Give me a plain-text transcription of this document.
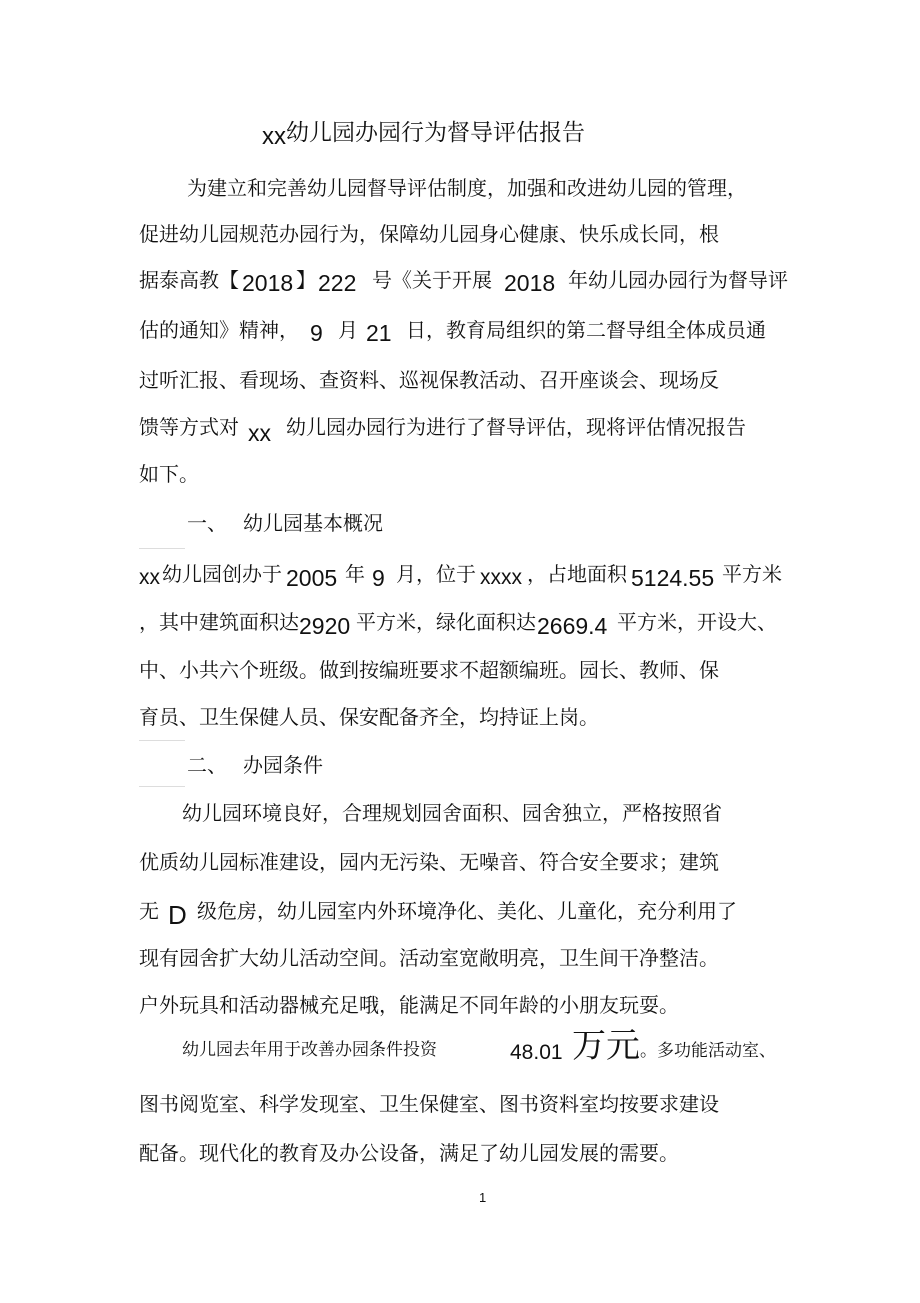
xx幼儿园办园行为督导评估报告
为建立和完善幼儿园督导评估制度，加强和改进幼儿园的管理，
促进幼儿园规范办园行为，保障幼儿园身心健康、快乐成长同，根
据泰高教【 2018 】 222 号《关于开展 2018 年幼儿园办园行为督导评
估的通知》精神， 9 月 21 日，教育局组织的第二督导组全体成员通
过听汇报、看现场、查资料、巡视保教活动、召开座谈会、现场反
馈等方式对 xx 幼儿园办园行为进行了督导评估，现将评估情况报告
如下。
一、 幼儿园基本概况
xx 幼儿园创办于 2005 年 9 月，位于 xxxx ，占地面积 5124.55 平方米
，其中建筑面积达 2920 平方米，绿化面积达 2669.4 平方米，开设大、
中、小共六个班级。做到按编班要求不超额编班。园长、教师、保
育员、卫生保健人员、保安配备齐全，均持证上岗。
二、 办园条件
幼儿园环境良好，合理规划园舍面积、园舍独立，严格按照省
优质幼儿园标准建设，园内无污染、无噪音、符合安全要求；建筑
无 D 级危房，幼儿园室内外环境净化、美化、儿童化，充分利用了
现有园舍扩大幼儿活动空间。活动室宽敞明亮，卫生间干净整洁。
户外玩具和活动器械充足哦，能满足不同年龄的小朋友玩耍。
幼儿园去年用于改善办园条件投资	48.01 万元 。多功能活动室、
图书阅览室、科学发现室、卫生保健室、图书资料室均按要求建设
配备。现代化的教育及办公设备，满足了幼儿园发展的需要。
1
